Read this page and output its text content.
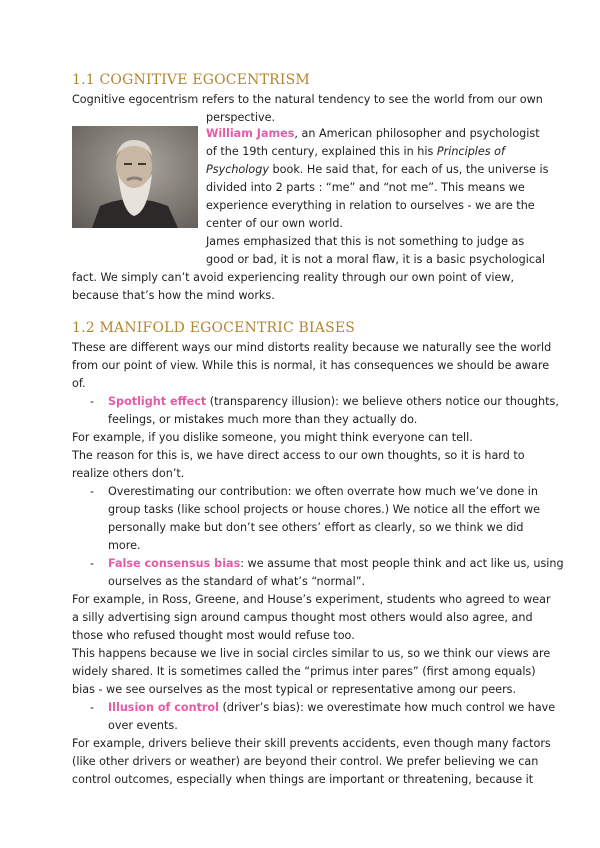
1.1 COGNITIVE EGOCENTRISM
Cognitive egocentrism refers to the natural tendency to see the world from our own
perspective.
William James, an American philosopher and psychologist
of the 19th century, explained this in his Principles of
Psychology book. He said that, for each of us, the universe is
divided into 2 parts : “me” and “not me”. This means we
experience everything in relation to ourselves - we are the
center of our own world.
James emphasized that this is not something to judge as
good or bad, it is not a moral flaw, it is a basic psychological
fact. We simply can’t avoid experiencing reality through our own point of view,
because that’s how the mind works.
1.2 MANIFOLD EGOCENTRIC BIASES
These are different ways our mind distorts reality because we naturally see the world
from our point of view. While this is normal, it has consequences we should be aware
of.
- Spotlight effect (transparency illusion): we believe others notice our thoughts,
feelings, or mistakes much more than they actually do.
For example, if you dislike someone, you might think everyone can tell.
The reason for this is, we have direct access to our own thoughts, so it is hard to
realize others don’t.
- Overestimating our contribution: we often overrate how much we’ve done in
group tasks (like school projects or house chores.) We notice all the effort we
personally make but don’t see others’ effort as clearly, so we think we did
more.
- False consensus bias: we assume that most people think and act like us, using
ourselves as the standard of what’s “normal”.
For example, in Ross, Greene, and House’s experiment, students who agreed to wear
a silly advertising sign around campus thought most others would also agree, and
those who refused thought most would refuse too.
This happens because we live in social circles similar to us, so we think our views are
widely shared. It is sometimes called the “primus inter pares” (first among equals)
bias - we see ourselves as the most typical or representative among our peers.
- Illusion of control (driver’s bias): we overestimate how much control we have
over events.
For example, drivers believe their skill prevents accidents, even though many factors
(like other drivers or weather) are beyond their control. We prefer believing we can
control outcomes, especially when things are important or threatening, because it
